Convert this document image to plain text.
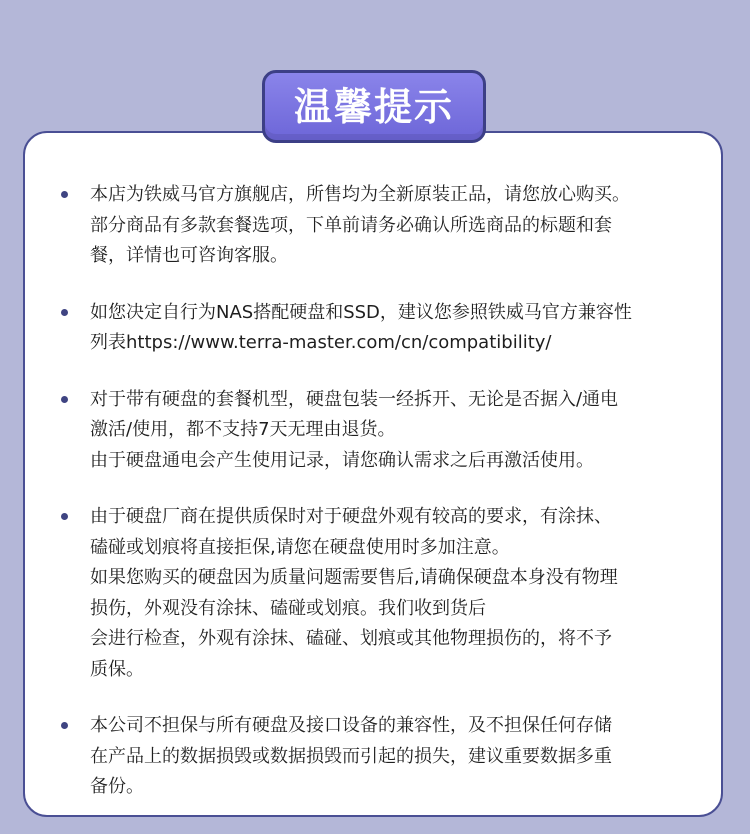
温馨提示
本店为铁威马官方旗舰店，所售均为全新原装正品，请您放心购买。
部分商品有多款套餐选项，下单前请务必确认所选商品的标题和套
餐，详情也可咨询客服。
如您决定自行为NAS搭配硬盘和SSD，建议您参照铁威马官方兼容性
列表https://www.terra-master.com/cn/compatibility/
对于带有硬盘的套餐机型，硬盘包装一经拆开、无论是否据入/通电
激活/使用，都不支持7天无理由退货。
由于硬盘通电会产生使用记录，请您确认需求之后再激活使用。
由于硬盘厂商在提供质保时对于硬盘外观有较高的要求，有涂抹、
磕碰或划痕将直接拒保,请您在硬盘使用时多加注意。
如果您购买的硬盘因为质量问题需要售后,请确保硬盘本身没有物理
损伤，外观没有涂抹、磕碰或划痕。我们收到货后
会进行检查，外观有涂抹、磕碰、划痕或其他物理损伤的，将不予
质保。
本公司不担保与所有硬盘及接口设备的兼容性，及不担保任何存储
在产品上的数据损毁或数据损毁而引起的损失，建议重要数据多重
备份。
